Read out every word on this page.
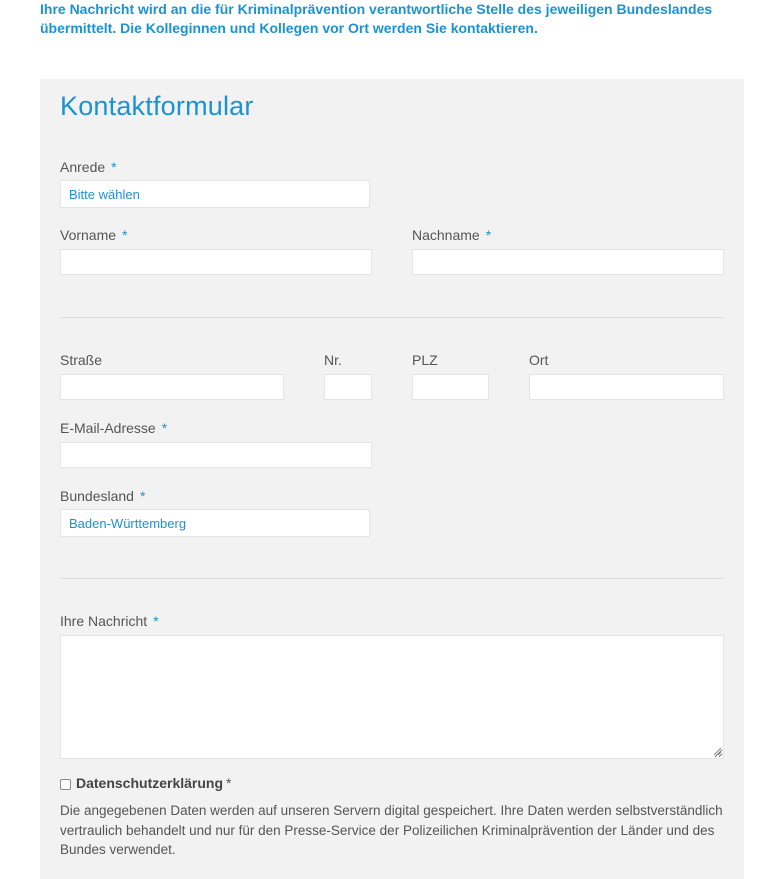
Ihre Nachricht wird an die für Kriminalprävention verantwortliche Stelle des jeweiligen Bundeslandes übermittelt. Die Kolleginnen und Kollegen vor Ort werden Sie kontaktieren.
Kontaktformular
Anrede *
Bitte wählen
Vorname *	Nachname *
Straße	Nr.	PLZ	Ort
E-Mail-Adresse *
Bundesland *
Baden-Württemberg
Ihre Nachricht *
Datenschutzerklärung *
Die angegebenen Daten werden auf unseren Servern digital gespeichert. Ihre Daten werden selbstverständlich vertraulich behandelt und nur für den Presse-Service der Polizeilichen Kriminalprävention der Länder und des Bundes verwendet.
